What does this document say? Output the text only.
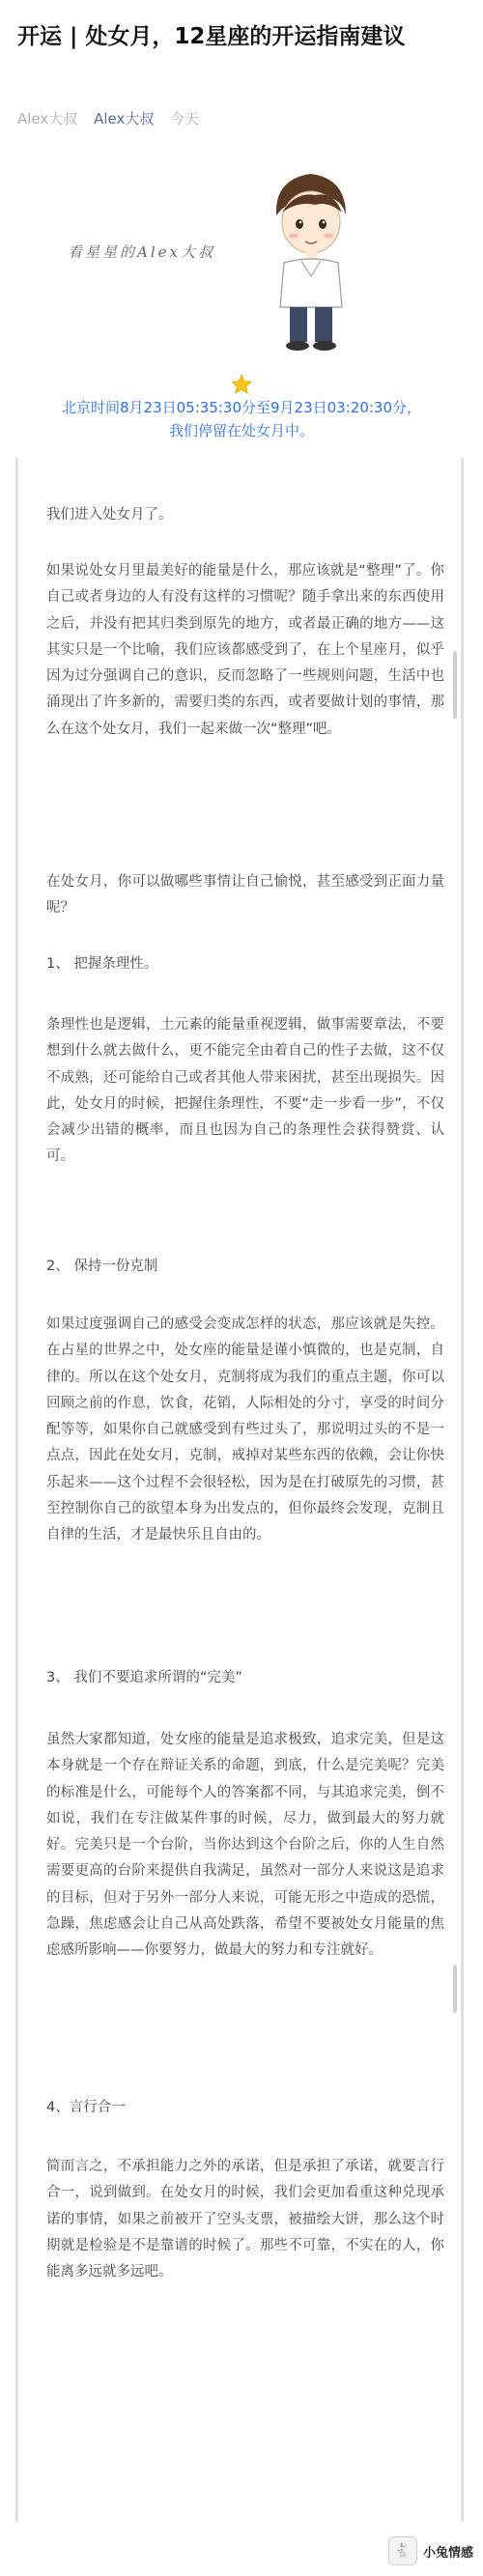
开运 | 处女月，12星座的开运指南建议
Alex大叔 Alex大叔 今天
看星星的Alex大叔
北京时间8月23日05:35:30分至9月23日03:20:30分，
我们停留在处女月中。
我们进入处女月了。
如果说处女月里最美好的能量是什么，那应该就是“整理”了。你自己或者身边的人有没有这样的习惯呢？随手拿出来的东西使用之后，并没有把其归类到原先的地方，或者最正确的地方——这其实只是一个比喻，我们应该都感受到了，在上个星座月，似乎因为过分强调自己的意识，反而忽略了一些规则问题，生活中也涌现出了许多新的，需要归类的东西，或者要做计划的事情，那么在这个处女月，我们一起来做一次“整理”吧。
在处女月，你可以做哪些事情让自己愉悦，甚至感受到正面力量呢？
1、 把握条理性。
条理性也是逻辑，土元素的能量重视逻辑，做事需要章法，不要想到什么就去做什么，更不能完全由着自己的性子去做，这不仅不成熟，还可能给自己或者其他人带来困扰，甚至出现损失。因此，处女月的时候，把握住条理性，不要“走一步看一步”，不仅会减少出错的概率，而且也因为自己的条理性会获得赞赏、认可。
2、 保持一份克制
如果过度强调自己的感受会变成怎样的状态，那应该就是失控。在占星的世界之中，处女座的能量是谨小慎微的，也是克制，自律的。所以在这个处女月，克制将成为我们的重点主题，你可以回顾之前的作息，饮食，花销，人际相处的分寸，享受的时间分配等等，如果你自己就感受到有些过头了，那说明过头的不是一点点，因此在处女月，克制，戒掉对某些东西的依赖，会让你快乐起来——这个过程不会很轻松，因为是在打破原先的习惯，甚至控制你自己的欲望本身为出发点的，但你最终会发现，克制且自律的生活，才是最快乐且自由的。
3、 我们不要追求所谓的“完美”
虽然大家都知道，处女座的能量是追求极致，追求完美，但是这本身就是一个存在辩证关系的命题，到底，什么是完美呢？完美的标准是什么，可能每个人的答案都不同，与其追求完美，倒不如说，我们在专注做某件事的时候，尽力，做到最大的努力就好。完美只是一个台阶，当你达到这个台阶之后，你的人生自然需要更高的台阶来提供自我满足，虽然对一部分人来说这是追求的目标，但对于另外一部分人来说，可能无形之中造成的恐慌，急躁，焦虑感会让自己从高处跌落，希望不要被处女月能量的焦虑感所影响——你要努力，做最大的努力和专注就好。
4、言行合一
简而言之，不承担能力之外的承诺，但是承担了承诺，就要言行合一，说到做到。在处女月的时候，我们会更加看重这种兑现承诺的事情，如果之前被开了空头支票，被描绘大饼，那么这个时期就是检验是不是靠谱的时候了。那些不可靠，不实在的人，你能离多远就多远吧。
🐇 小兔情感
